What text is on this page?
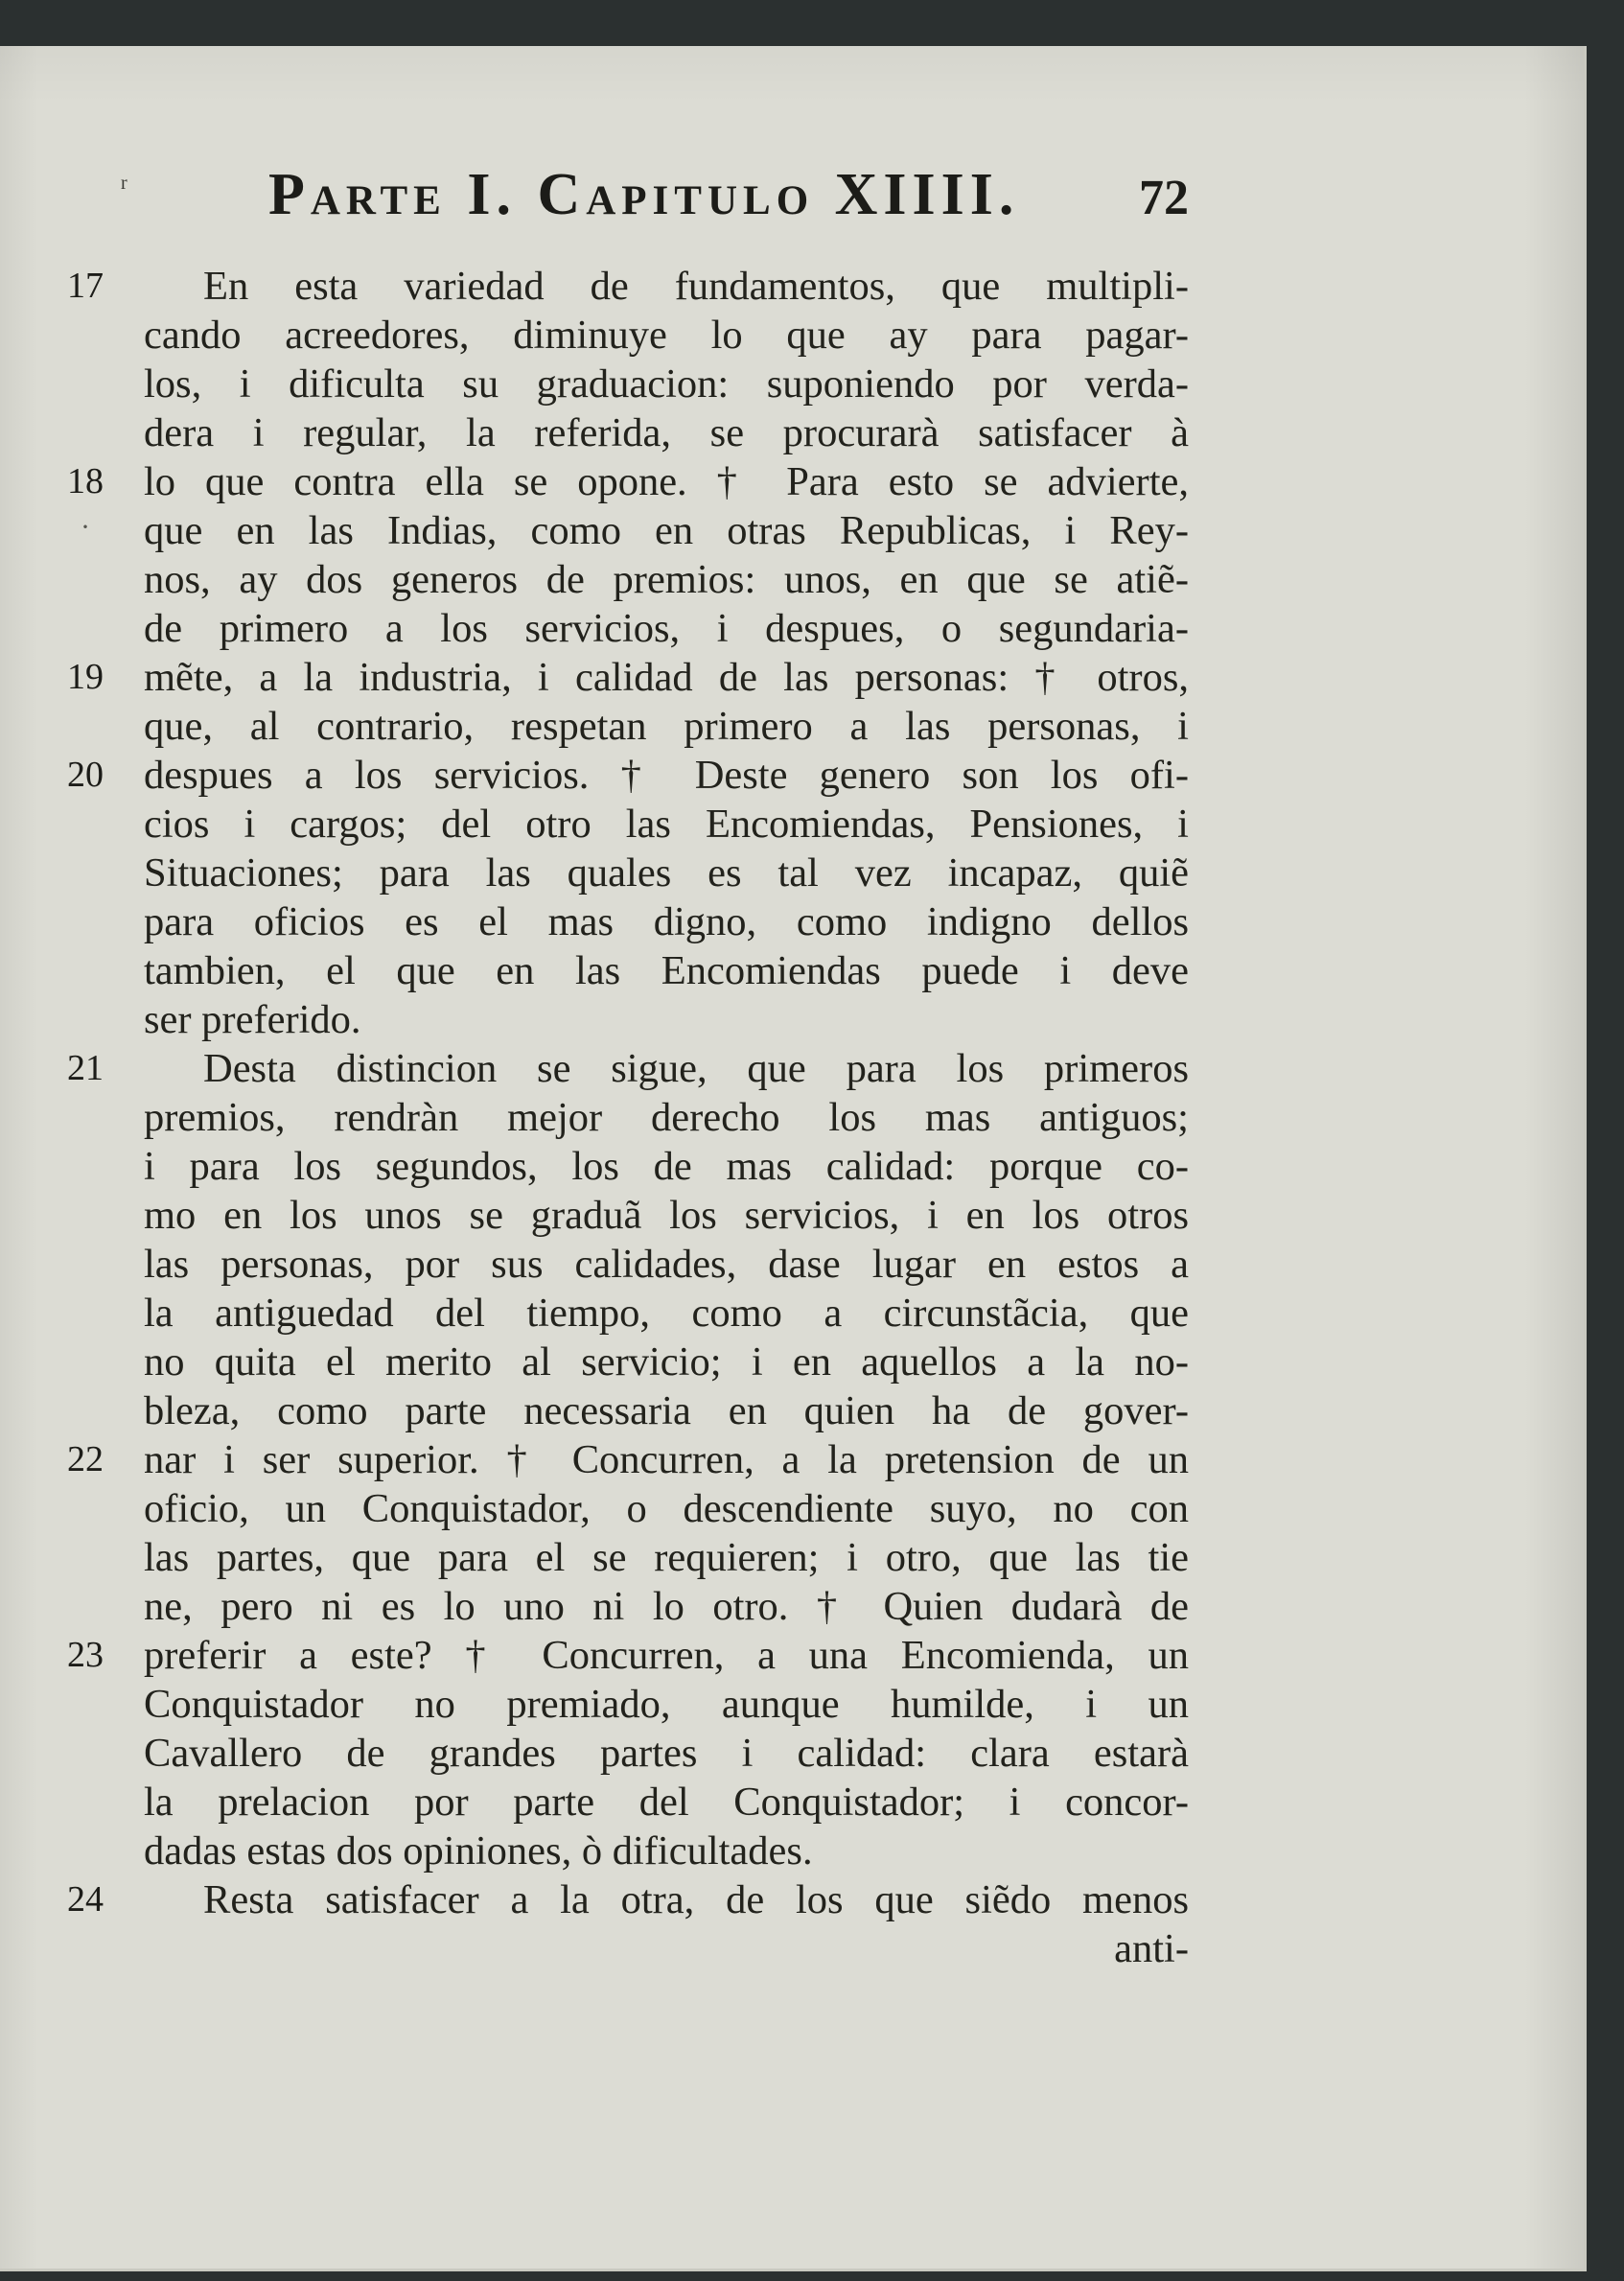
r Parte I. Capitulo XIIII. 72
17 En esta variedad de fundamentos, que multipli-
cando acreedores, diminuye lo que ay para pagar-
los, i dificulta su graduacion: suponiendo por verda-
dera i regular, la referida, se procurarà satisfacer à
18 lo que contra ella se opone. † Para esto se advierte,
· que en las Indias, como en otras Republicas, i Rey-
nos, ay dos generos de premios: unos, en que se atiẽ-
de primero a los servicios, i despues, o segundaria-
19 mẽte, a la industria, i calidad de las personas: † otros,
que, al contrario, respetan primero a las personas, i
20 despues a los servicios. † Deste genero son los ofi-
cios i cargos; del otro las Encomiendas, Pensiones, i
Situaciones; para las quales es tal vez incapaz, quiẽ
para oficios es el mas digno, como indigno dellos
tambien, el que en las Encomiendas puede i deve
ser preferido.
21 Desta distincion se sigue, que para los primeros
premios, rendràn mejor derecho los mas antiguos;
i para los segundos, los de mas calidad: porque co-
mo en los unos se graduã los servicios, i en los otros
las personas, por sus calidades, dase lugar en estos a
la antiguedad del tiempo, como a circunstãcia, que
no quita el merito al servicio; i en aquellos a la no-
bleza, como parte necessaria en quien ha de gover-
22 nar i ser superior. † Concurren, a la pretension de un
oficio, un Conquistador, o descendiente suyo, no con
las partes, que para el se requieren; i otro, que las tie
ne, pero ni es lo uno ni lo otro. † Quien dudarà de
23 preferir a este? † Concurren, a una Encomienda, un
Conquistador no premiado, aunque humilde, i un
Cavallero de grandes partes i calidad: clara estarà
la prelacion por parte del Conquistador; i concor-
dadas estas dos opiniones, ò dificultades.
24 Resta satisfacer a la otra, de los que siẽdo menos
anti-
